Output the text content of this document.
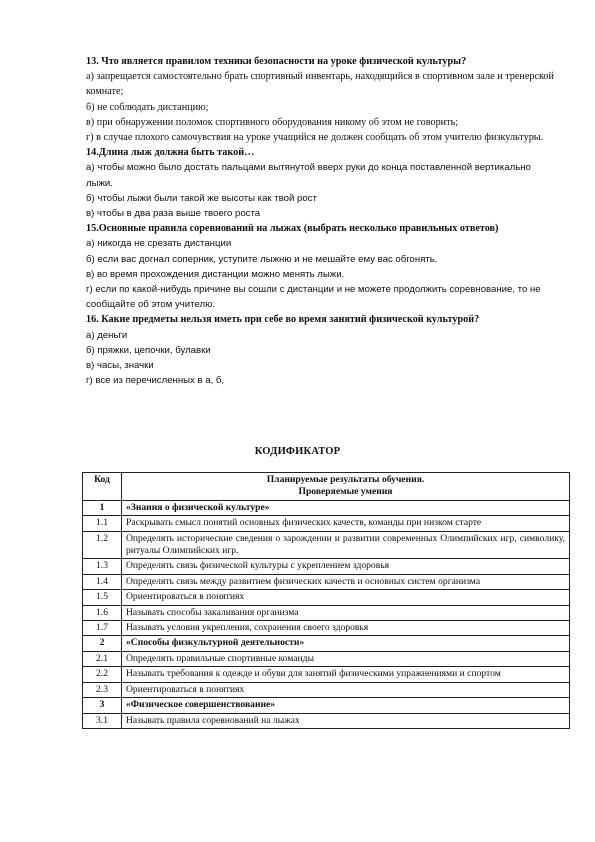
13. Что является правилом техники безопасности на уроке физической культуры?
а) запрещается самостоятельно брать спортивный инвентарь, находящийся в спортивном зале и тренерской комнате;
б) не соблюдать дистанцию;
в) при обнаружении поломок спортивного оборудования никому об этом не говорить;
г) в случае плохого самочувствия на уроке учащийся не должен сообщать об этом учителю физкультуры.
14.Длина лыж должна быть такой…
а) чтобы можно было достать пальцами вытянутой вверх руки до конца поставленной вертикально лыжи.
б) чтобы лыжи были такой же высоты как твой рост
в) чтобы в два раза выше твоего роста
15.Основные правила соревнований на лыжах (выбрать несколько правильных ответов)
а) никогда не срезать дистанции
б) если вас догнал соперник, уступите лыжню и не мешайте ему вас обгонять.
в) во время прохождения дистанции можно менять лыжи.
г) если по какой-нибудь причине вы сошли с дистанции и не можете продолжить соревнование, то не сообщайте об этом учителю.
16. Какие предметы нельзя иметь при себе во время занятий физической культурой?
а) деньги
б) пряжки, цепочки, булавки
в) часы, значки
г) все из перечисленных в а, б,
КОДИФИКАТОР
Код	Планируемые результаты обучения.
Проверяемые умения

1	«Знания о физической культуре»
1.1	Раскрывать смысл понятий основных физических качеств, команды при низком старте
1.2	Определять исторические сведения о зарождении и развитии современных Олимпийских игр, символику, ритуалы Олимпийских игр.
1.3	Определять связь физической культуры с укреплением здоровья
1.4	Определять связь между развитием физических качеств и основных систем организма
1.5	Ориентироваться в понятиях
1.6	Называть способы закаливания организма
1.7	Называть условия укрепления, сохранения своего здоровья
2	«Способы физкультурной деятельности»
2.1	Определять правильные спортивные команды
2.2	Называть требования к одежде и обуви для занятий физическими упражнениями и спортом
2.3	Ориентироваться в понятиях
3	«Физическое совершенствование»
3.1	Называть правила соревнований на лыжах
